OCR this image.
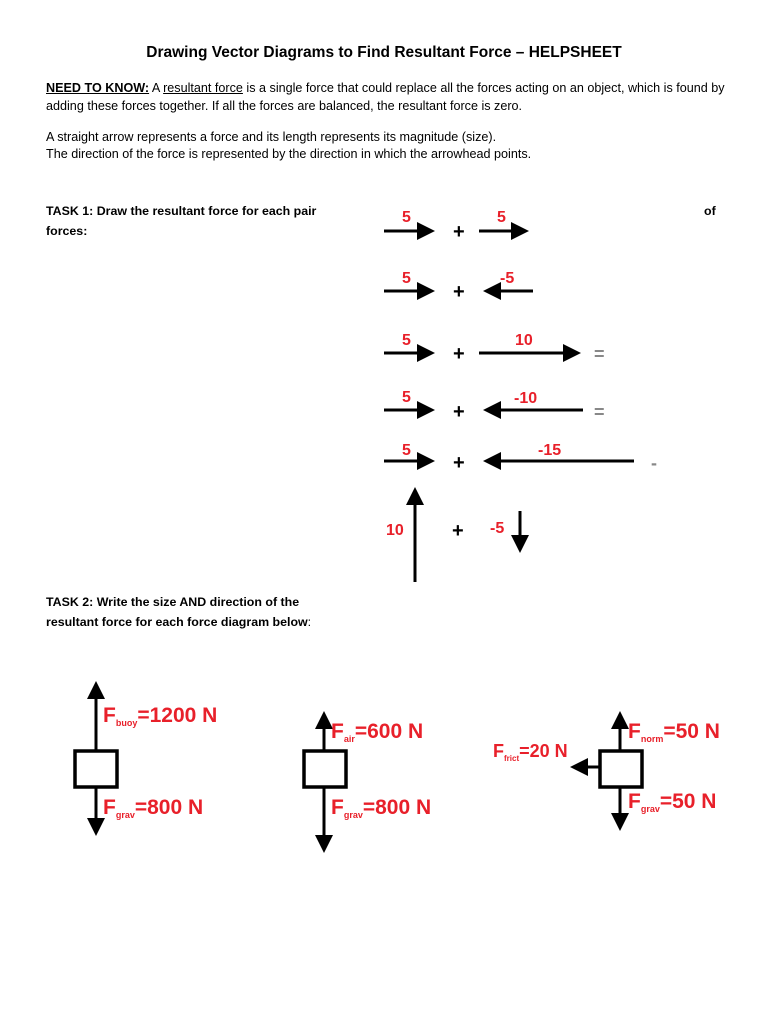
Drawing Vector Diagrams to Find Resultant Force – HELPSHEET
NEED TO KNOW: A resultant force is a single force that could replace all the forces acting on an object, which is found by adding these forces together. If all the forces are balanced, the resultant force is zero.
A straight arrow represents a force and its length represents its magnitude (size).
The direction of the force is represented by the direction in which the arrowhead points.
TASK 1: Draw the resultant force for each pair
forces:
of
5
+
5
5
+
-5
5
+
10
=
5
+
-10
=
5
+
-15
-
10 + -5
TASK 2: Write the size AND direction of the
resultant force for each force diagram below:
Fbuoy=1200 N
Fgrav=800 N
Fair=600 N
Fgrav=800 N
Fnorm=50 N
Fgrav=50 N
$F_{frict}=20$ N
